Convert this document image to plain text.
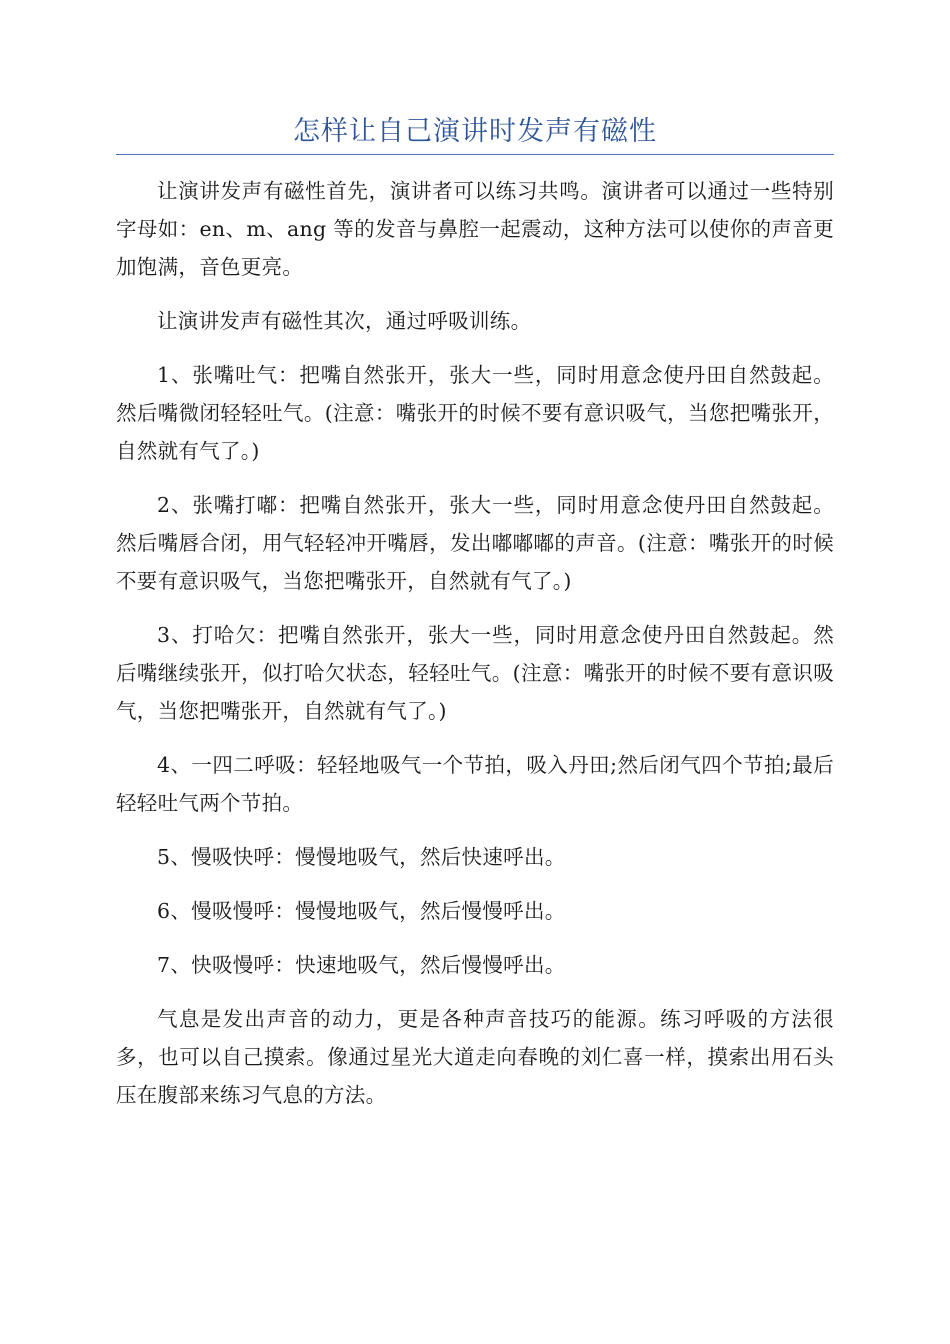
怎样让自己演讲时发声有磁性

让演讲发声有磁性首先，演讲者可以练习共鸣。演讲者可以通过一些特别字母如：en、m、ang 等的发音与鼻腔一起震动，这种方法可以使你的声音更加饱满，音色更亮。

让演讲发声有磁性其次，通过呼吸训练。

1、张嘴吐气：把嘴自然张开，张大一些，同时用意念使丹田自然鼓起。然后嘴微闭轻轻吐气。(注意：嘴张开的时候不要有意识吸气，当您把嘴张开，自然就有气了。)

2、张嘴打嘟：把嘴自然张开，张大一些，同时用意念使丹田自然鼓起。然后嘴唇合闭，用气轻轻冲开嘴唇，发出嘟嘟嘟的声音。(注意：嘴张开的时候不要有意识吸气，当您把嘴张开，自然就有气了。)

3、打哈欠：把嘴自然张开，张大一些，同时用意念使丹田自然鼓起。然后嘴继续张开，似打哈欠状态，轻轻吐气。(注意：嘴张开的时候不要有意识吸气，当您把嘴张开，自然就有气了。)

4、一四二呼吸：轻轻地吸气一个节拍，吸入丹田;然后闭气四个节拍;最后轻轻吐气两个节拍。

5、慢吸快呼：慢慢地吸气，然后快速呼出。

6、慢吸慢呼：慢慢地吸气，然后慢慢呼出。

7、快吸慢呼：快速地吸气，然后慢慢呼出。

气息是发出声音的动力，更是各种声音技巧的能源。练习呼吸的方法很多，也可以自己摸索。像通过星光大道走向春晚的刘仁喜一样，摸索出用石头压在腹部来练习气息的方法。
